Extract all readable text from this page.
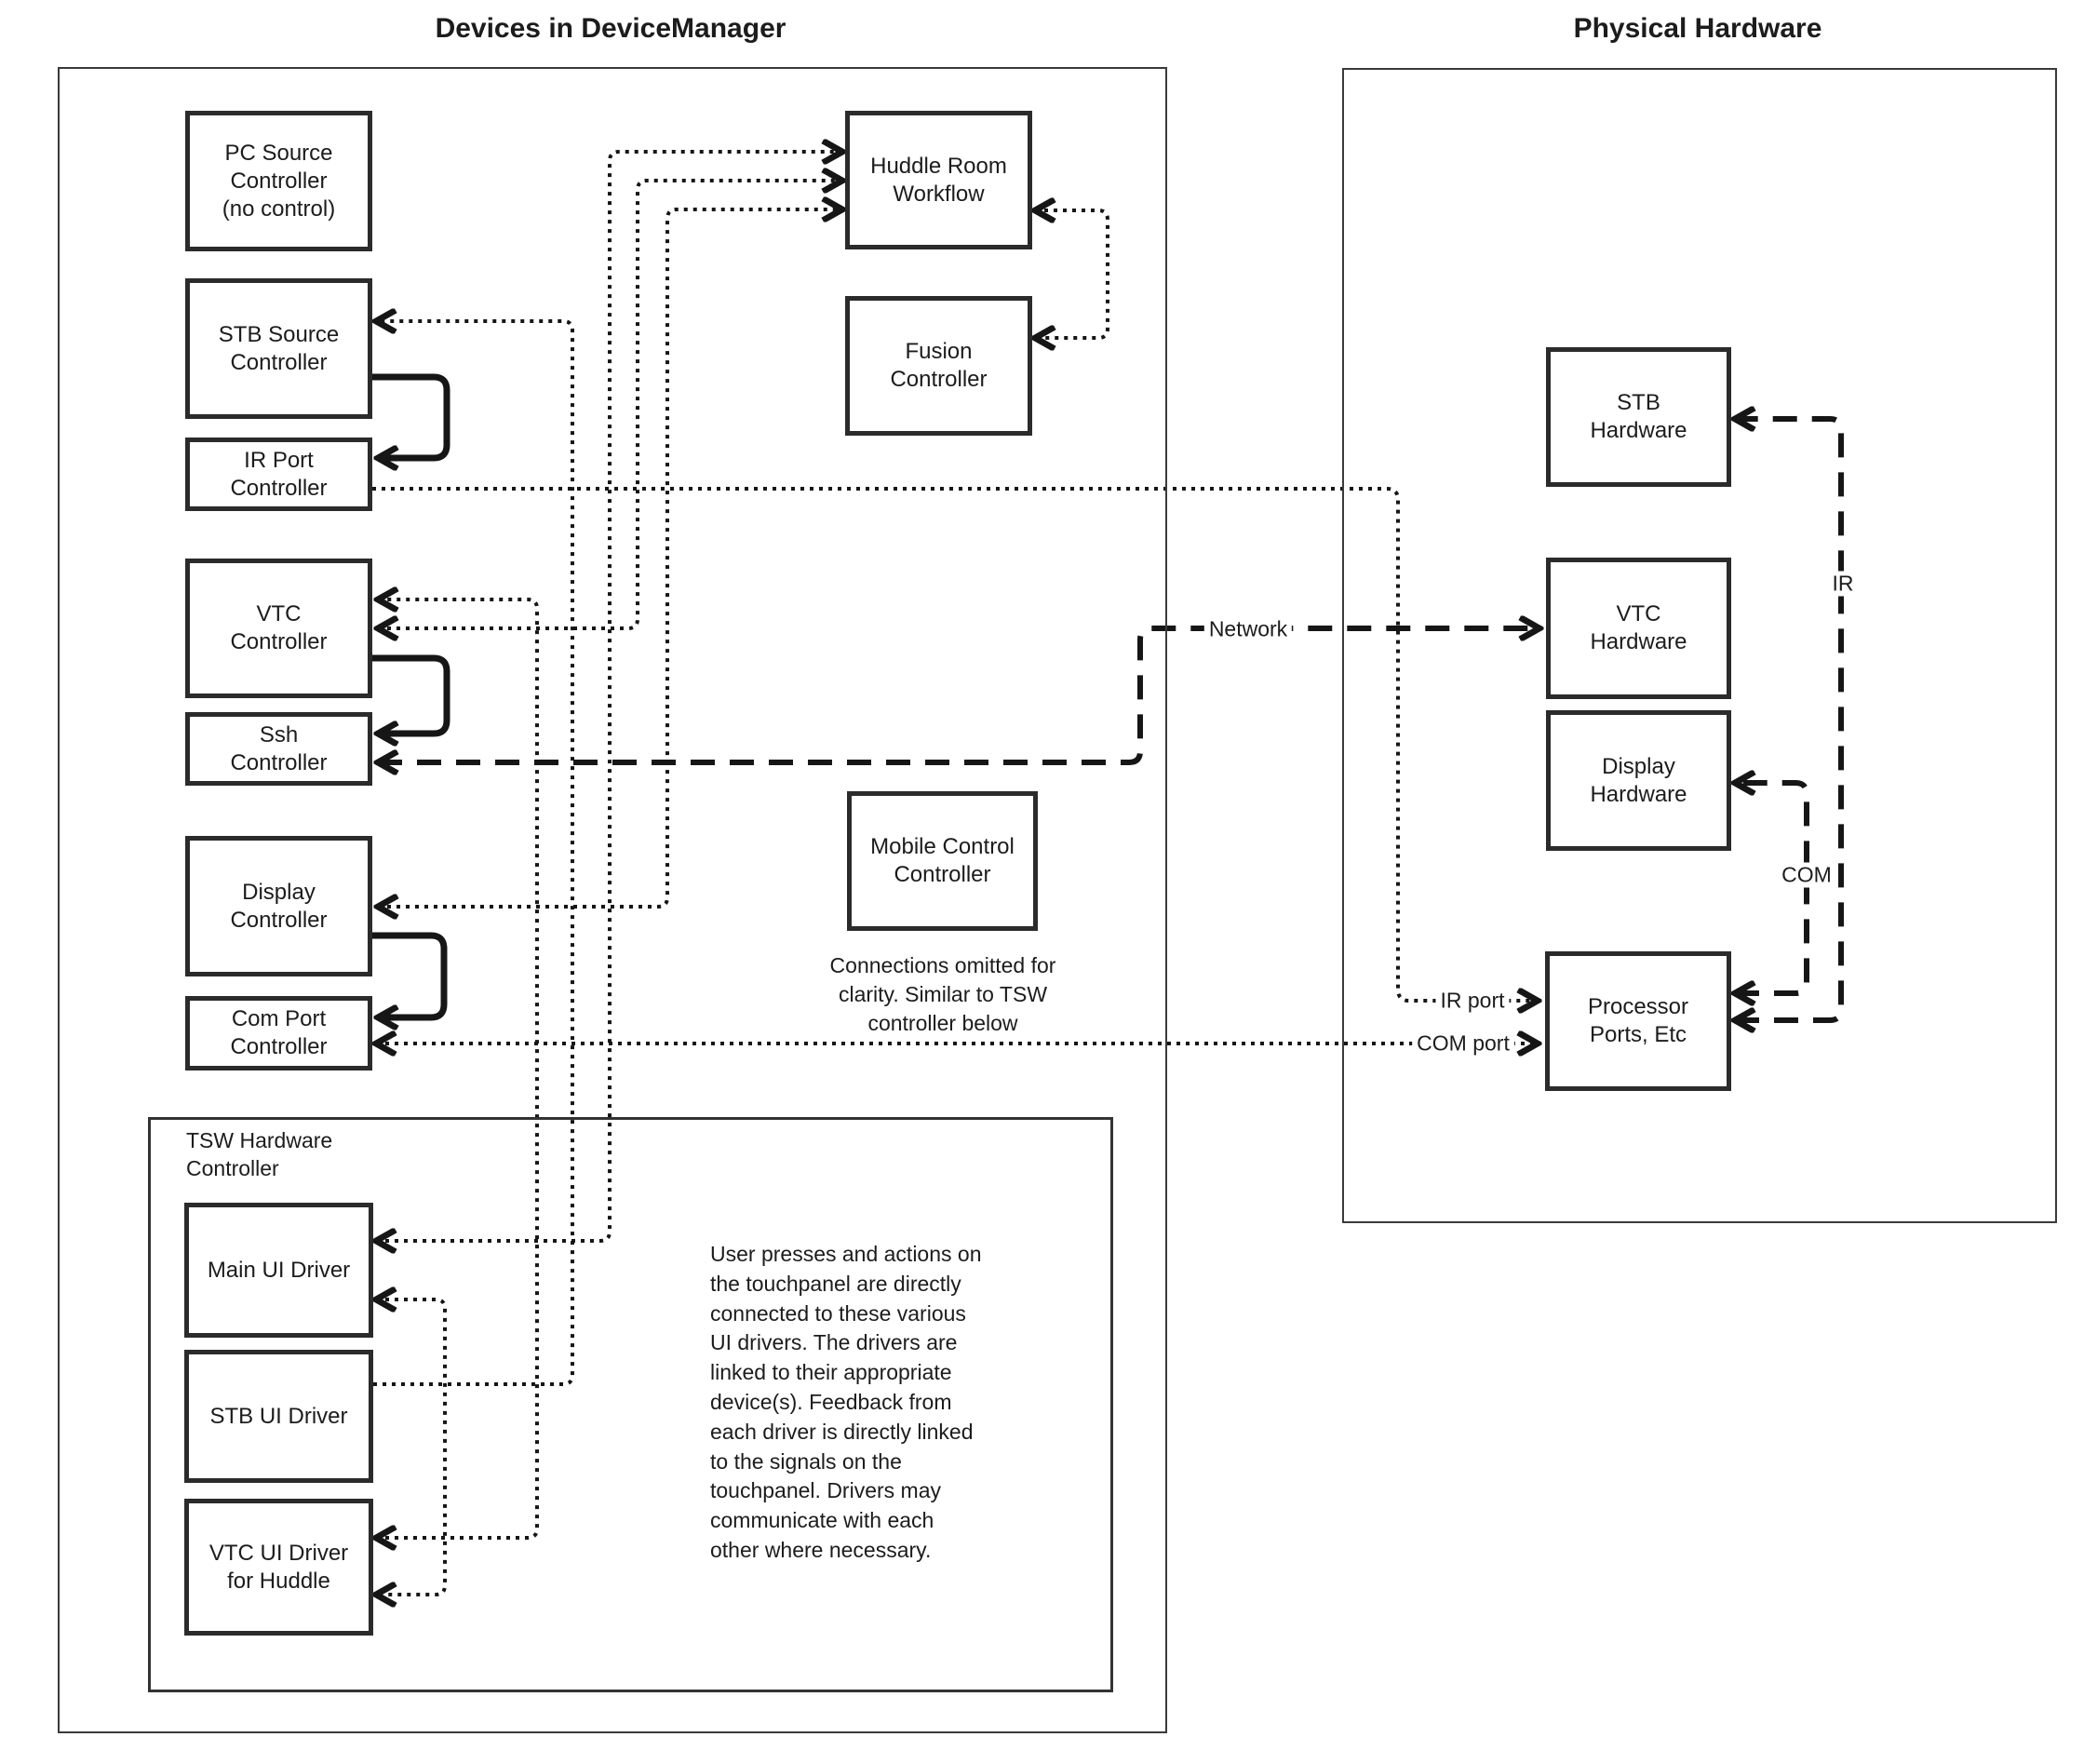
Devices in DeviceManager	Physical Hardware
PC Source
Controller
(no control)
STB Source
Controller
IR Port
Controller
VTC
Controller
Ssh
Controller
Display
Controller
Com Port
Controller
Huddle Room
Workflow
Fusion
Controller
Mobile Control
Controller
Main UI Driver
STB UI Driver
VTC UI Driver
for Huddle
STB
Hardware
VTC
Hardware
Display
Hardware
Processor
Ports, Etc
TSW Hardware
Controller
Connections omitted for
clarity. Similar to TSW
controller below
User presses and actions on
the touchpanel are directly
connected to these various
UI drivers. The drivers are
linked to their appropriate
device(s). Feedback from
each driver is directly linked
to the signals on the
touchpanel. Drivers may
communicate with each
other where necessary.
Network
IR port
COM port
IR
COM
